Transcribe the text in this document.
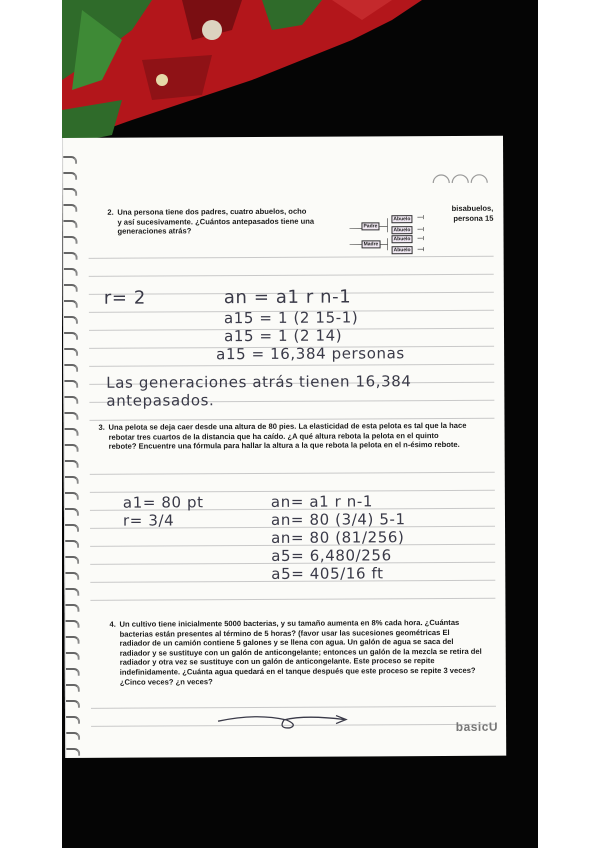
2. Una persona tiene dos padres, cuatro abuelos, ocho
y así sucesivamente. ¿Cuántos antepasados tiene una
generaciones atrás?
Padre
Madre
Abuelo
Abuelo
Abuelo
Abuelo
bisabuelos,
persona 15
r= 2	an = a1 r n-1
a15 = 1 (2 15-1)
a15 = 1 (2 14)
a15 = 16,384 personas
Las generaciones atrás tienen 16,384
antepasados.
3. Una pelota se deja caer desde una altura de 80 pies. La elasticidad de esta pelota es tal que la hace
rebotar tres cuartos de la distancia que ha caído. ¿A qué altura rebota la pelota en el quinto
rebote? Encuentre una fórmula para hallar la altura a la que rebota la pelota en el n-ésimo rebote.
a1= 80 pt
r= 3/4
an= a1 r n-1
an= 80 (3/4) 5-1
an= 80 (81/256)
a5= 6,480/256
a5= 405/16 ft
4. Un cultivo tiene inicialmente 5000 bacterias, y su tamaño aumenta en 8% cada hora. ¿Cuántas
bacterias están presentes al término de 5 horas? (favor usar las sucesiones geométricas El
radiador de un camión contiene 5 galones y se llena con agua. Un galón de agua se saca del
radiador y se sustituye con un galón de anticongelante; entonces un galón de la mezcla se retira del
radiador y otra vez se sustituye con un galón de anticongelante. Este proceso se repite
indefinidamente. ¿Cuánta agua quedará en el tanque después que este proceso se repite 3 veces?
¿Cinco veces? ¿n veces?
basicU
